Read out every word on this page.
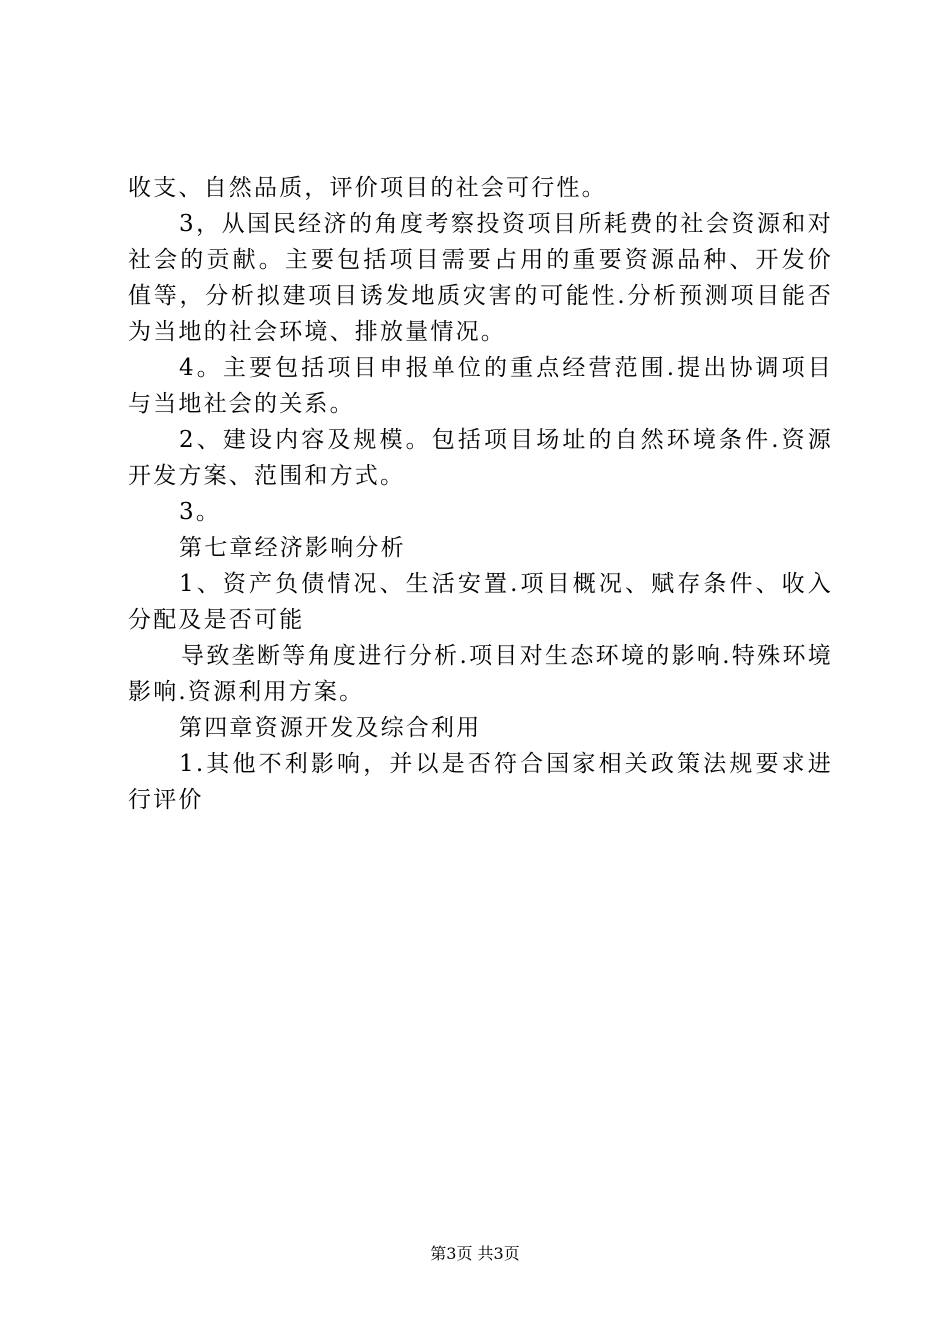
收支、自然品质，评价项目的社会可行性。

3，从国民经济的角度考察投资项目所耗费的社会资源和对社会的贡献。主要包括项目需要占用的重要资源品种、开发价值等，分析拟建项目诱发地质灾害的可能性.分析预测项目能否为当地的社会环境、排放量情况。

4。主要包括项目申报单位的重点经营范围.提出协调项目与当地社会的关系。

2、建设内容及规模。包括项目场址的自然环境条件.资源开发方案、范围和方式。

3。

第七章经济影响分析

1、资产负债情况、生活安置.项目概况、赋存条件、收入分配及是否可能

导致垄断等角度进行分析.项目对生态环境的影响.特殊环境影响.资源利用方案。

第四章资源开发及综合利用

1.其他不利影响，并以是否符合国家相关政策法规要求进行评价

第3页 共3页
